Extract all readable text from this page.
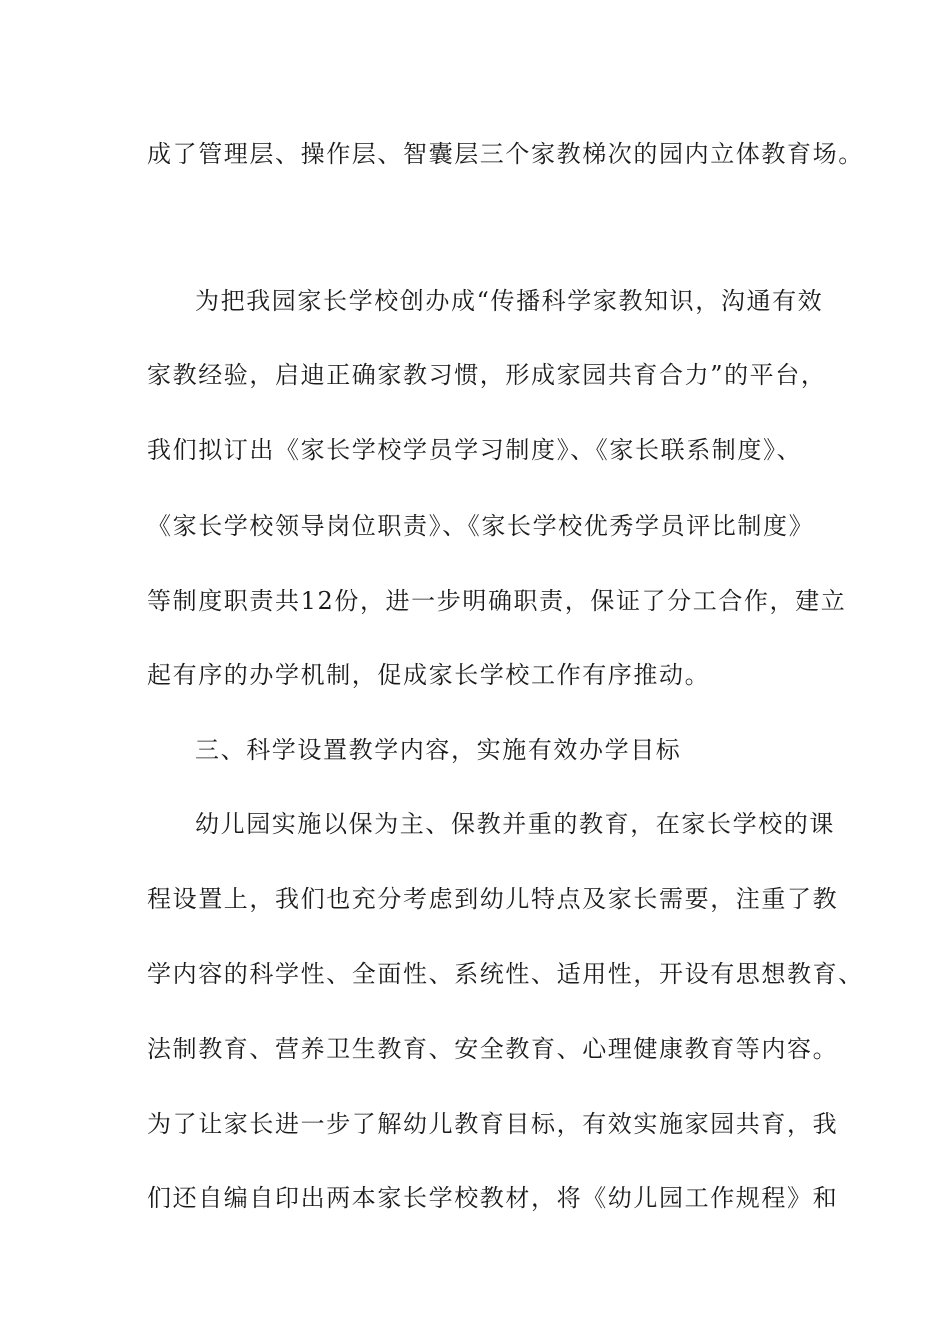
成了管理层、操作层、智囊层三个家教梯次的园内立体教育场。
为把我园家长学校创办成“传播科学家教知识，沟通有效
家教经验，启迪正确家教习惯，形成家园共育合力”的平台，
我们拟订出《家长学校学员学习制度》、《家长联系制度》、
《家长学校领导岗位职责》、《家长学校优秀学员评比制度》
等制度职责共12份，进一步明确职责，保证了分工合作，建立
起有序的办学机制，促成家长学校工作有序推动。
三、科学设置教学内容，实施有效办学目标
幼儿园实施以保为主、保教并重的教育，在家长学校的课
程设置上，我们也充分考虑到幼儿特点及家长需要，注重了教
学内容的科学性、全面性、系统性、适用性，开设有思想教育、
法制教育、营养卫生教育、安全教育、心理健康教育等内容。
为了让家长进一步了解幼儿教育目标，有效实施家园共育，我
们还自编自印出两本家长学校教材，将《幼儿园工作规程》和
